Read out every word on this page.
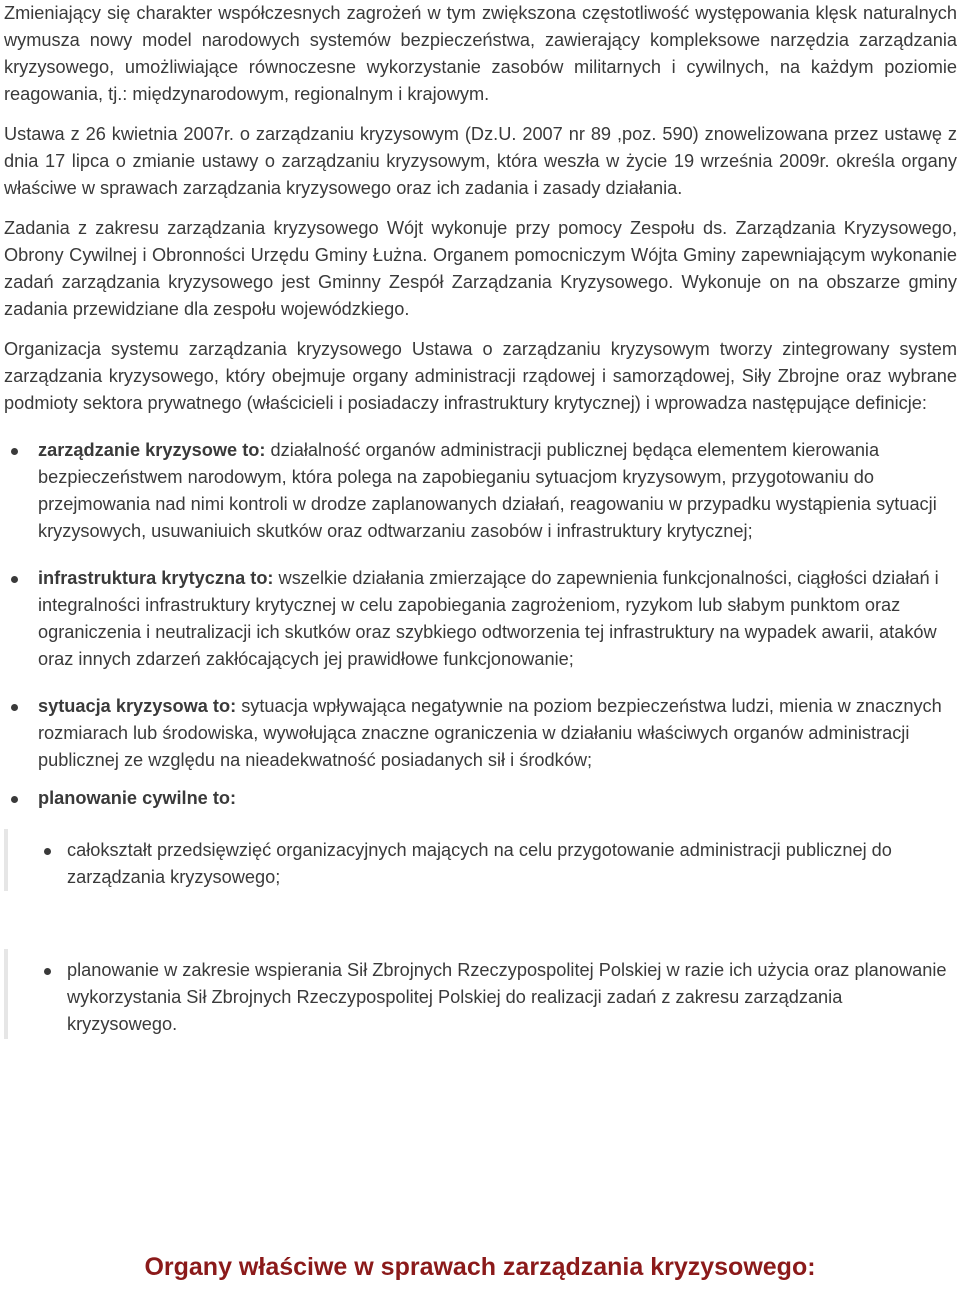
Zmieniający się charakter współczesnych zagrożeń w tym zwiększona częstotliwość występowania klęsk naturalnych wymusza nowy model narodowych systemów bezpieczeństwa, zawierający kompleksowe narzędzia zarządzania kryzysowego, umożliwiające równoczesne wykorzystanie zasobów militarnych i cywilnych, na każdym poziomie reagowania, tj.: międzynarodowym, regionalnym i krajowym.

Ustawa z 26 kwietnia 2007r. o zarządzaniu kryzysowym (Dz.U. 2007 nr 89 ,poz. 590) znowelizowana przez ustawę z dnia 17 lipca o zmianie ustawy o zarządzaniu kryzysowym, która weszła w życie 19 września 2009r. określa organy właściwe w sprawach zarządzania kryzysowego oraz ich zadania i zasady działania.

Zadania z zakresu zarządzania kryzysowego Wójt wykonuje przy pomocy Zespołu ds. Zarządzania Kryzysowego, Obrony Cywilnej i Obronności Urzędu Gminy Łużna. Organem pomocniczym Wójta Gminy zapewniającym wykonanie zadań zarządzania kryzysowego jest Gminny Zespół Zarządzania Kryzysowego. Wykonuje on na obszarze gminy zadania przewidziane dla zespołu wojewódzkiego.

Organizacja systemu zarządzania kryzysowego Ustawa o zarządzaniu kryzysowym tworzy zintegrowany system zarządzania kryzysowego, który obejmuje organy administracji rządowej i samorządowej, Siły Zbrojne oraz wybrane podmioty sektora prywatnego (właścicieli i posiadaczy infrastruktury krytycznej) i wprowadza następujące definicje:

zarządzanie kryzysowe to: działalność organów administracji publicznej będąca elementem kierowania bezpieczeństwem narodowym, która polega na zapobieganiu sytuacjom kryzysowym, przygotowaniu do przejmowania nad nimi kontroli w drodze zaplanowanych działań, reagowaniu w przypadku wystąpienia sytuacji kryzysowych, usuwaniuich skutków oraz odtwarzaniu zasobów i infrastruktury krytycznej;
infrastruktura krytyczna to: wszelkie działania zmierzające do zapewnienia funkcjonalności, ciągłości działań i integralności infrastruktury krytycznej w celu zapobiegania zagrożeniom, ryzykom lub słabym punktom oraz ograniczenia i neutralizacji ich skutków oraz szybkiego odtworzenia tej infrastruktury na wypadek awarii, ataków oraz innych zdarzeń zakłócających jej prawidłowe funkcjonowanie;
sytuacja kryzysowa to: sytuacja wpływająca negatywnie na poziom bezpieczeństwa ludzi, mienia w znacznych rozmiarach lub środowiska, wywołująca znaczne ograniczenia w działaniu właściwych organów administracji publicznej ze względu na nieadekwatność posiadanych sił i środków;
planowanie cywilne to:
całokształt przedsięwzięć organizacyjnych mających na celu przygotowanie administracji publicznej do zarządzania kryzysowego;
planowanie w zakresie wspierania Sił Zbrojnych Rzeczypospolitej Polskiej w razie ich użycia oraz planowanie wykorzystania Sił Zbrojnych Rzeczypospolitej Polskiej do realizacji zadań z zakresu zarządzania kryzysowego.
Organy właściwe w sprawach zarządzania kryzysowego:
